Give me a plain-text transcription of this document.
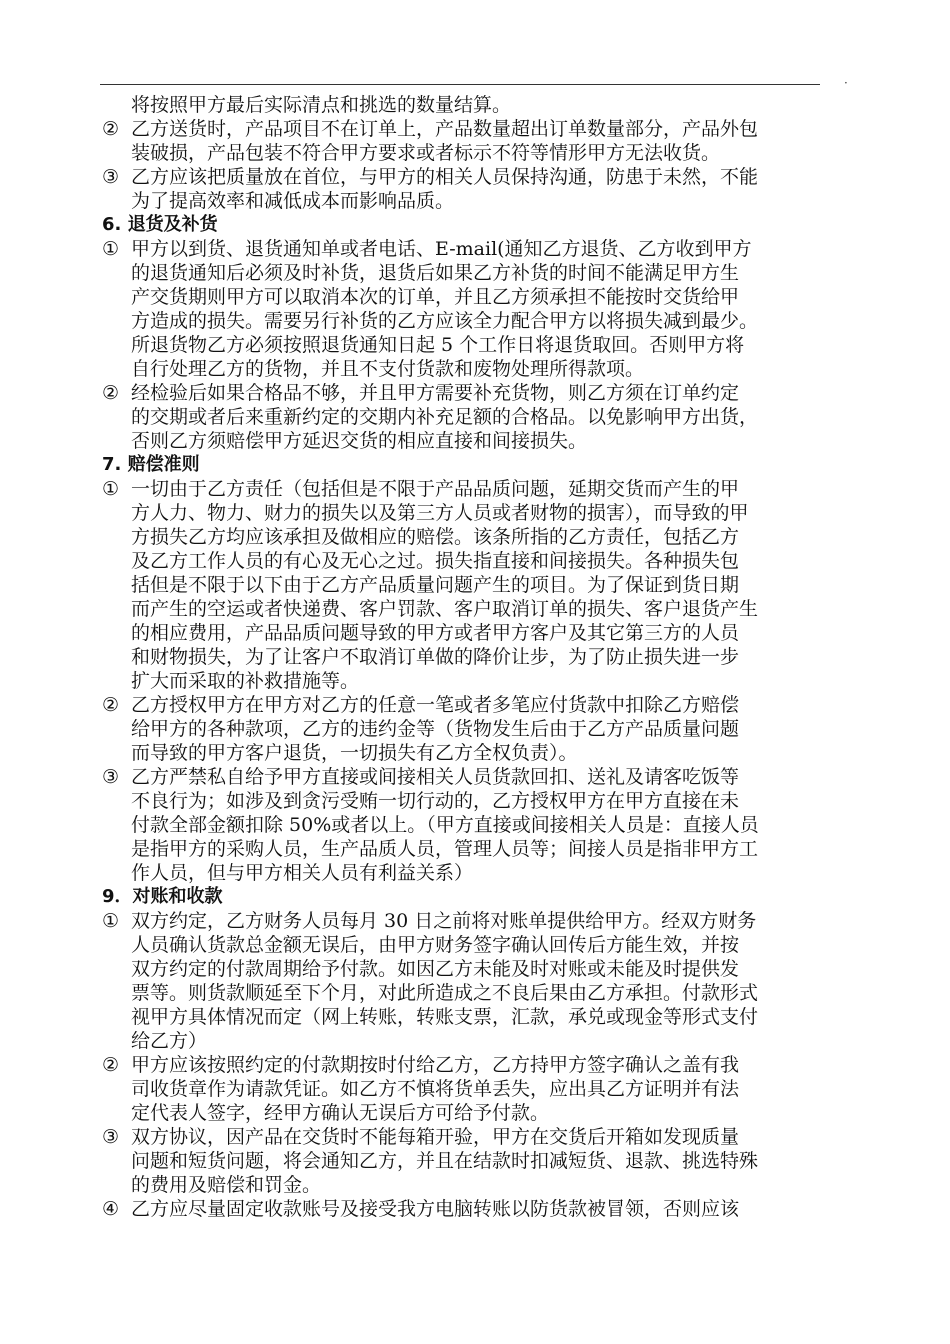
·
将按照甲方最后实际清点和挑选的数量结算。
② 乙方送货时，产品项目不在订单上，产品数量超出订单数量部分，产品外包
装破损，产品包装不符合甲方要求或者标示不符等情形甲方无法收货。
③ 乙方应该把质量放在首位，与甲方的相关人员保持沟通，防患于未然，不能
为了提高效率和减低成本而影响品质。
6. 退货及补货
① 甲方以到货、退货通知单或者电话、E-mail(通知乙方退货、乙方收到甲方
的退货通知后必须及时补货，退货后如果乙方补货的时间不能满足甲方生
产交货期则甲方可以取消本次的订单，并且乙方须承担不能按时交货给甲
方造成的损失。需要另行补货的乙方应该全力配合甲方以将损失减到最少。
所退货物乙方必须按照退货通知日起 5 个工作日将退货取回。否则甲方将
自行处理乙方的货物，并且不支付货款和废物处理所得款项。
② 经检验后如果合格品不够，并且甲方需要补充货物，则乙方须在订单约定
的交期或者后来重新约定的交期内补充足额的合格品。以免影响甲方出货，
否则乙方须赔偿甲方延迟交货的相应直接和间接损失。
7. 赔偿准则
① 一切由于乙方责任（包括但是不限于产品品质问题，延期交货而产生的甲
方人力、物力、财力的损失以及第三方人员或者财物的损害），而导致的甲
方损失乙方均应该承担及做相应的赔偿。该条所指的乙方责任，包括乙方
及乙方工作人员的有心及无心之过。损失指直接和间接损失。各种损失包
括但是不限于以下由于乙方产品质量问题产生的项目。为了保证到货日期
而产生的空运或者快递费、客户罚款、客户取消订单的损失、客户退货产生
的相应费用，产品品质问题导致的甲方或者甲方客户及其它第三方的人员
和财物损失，为了让客户不取消订单做的降价让步，为了防止损失进一步
扩大而采取的补救措施等。
② 乙方授权甲方在甲方对乙方的任意一笔或者多笔应付货款中扣除乙方赔偿
给甲方的各种款项，乙方的违约金等（货物发生后由于乙方产品质量问题
而导致的甲方客户退货，一切损失有乙方全权负责）。
③ 乙方严禁私自给予甲方直接或间接相关人员货款回扣、送礼及请客吃饭等
不良行为；如涉及到贪污受贿一切行动的，乙方授权甲方在甲方直接在未
付款全部金额扣除 50%或者以上。（甲方直接或间接相关人员是：直接人员
是指甲方的采购人员，生产品质人员，管理人员等；间接人员是指非甲方工
作人员，但与甲方相关人员有利益关系）
9．对账和收款
① 双方约定，乙方财务人员每月 30 日之前将对账单提供给甲方。经双方财务
人员确认货款总金额无误后，由甲方财务签字确认回传后方能生效，并按
双方约定的付款周期给予付款。如因乙方未能及时对账或未能及时提供发
票等。则货款顺延至下个月，对此所造成之不良后果由乙方承担。付款形式
视甲方具体情况而定（网上转账，转账支票，汇款，承兑或现金等形式支付
给乙方）
② 甲方应该按照约定的付款期按时付给乙方，乙方持甲方签字确认之盖有我
司收货章作为请款凭证。如乙方不慎将货单丢失，应出具乙方证明并有法
定代表人签字，经甲方确认无误后方可给予付款。
③ 双方协议，因产品在交货时不能每箱开验，甲方在交货后开箱如发现质量
问题和短货问题，将会通知乙方，并且在结款时扣减短货、退款、挑选特殊
的费用及赔偿和罚金。
④ 乙方应尽量固定收款账号及接受我方电脑转账以防货款被冒领，否则应该
